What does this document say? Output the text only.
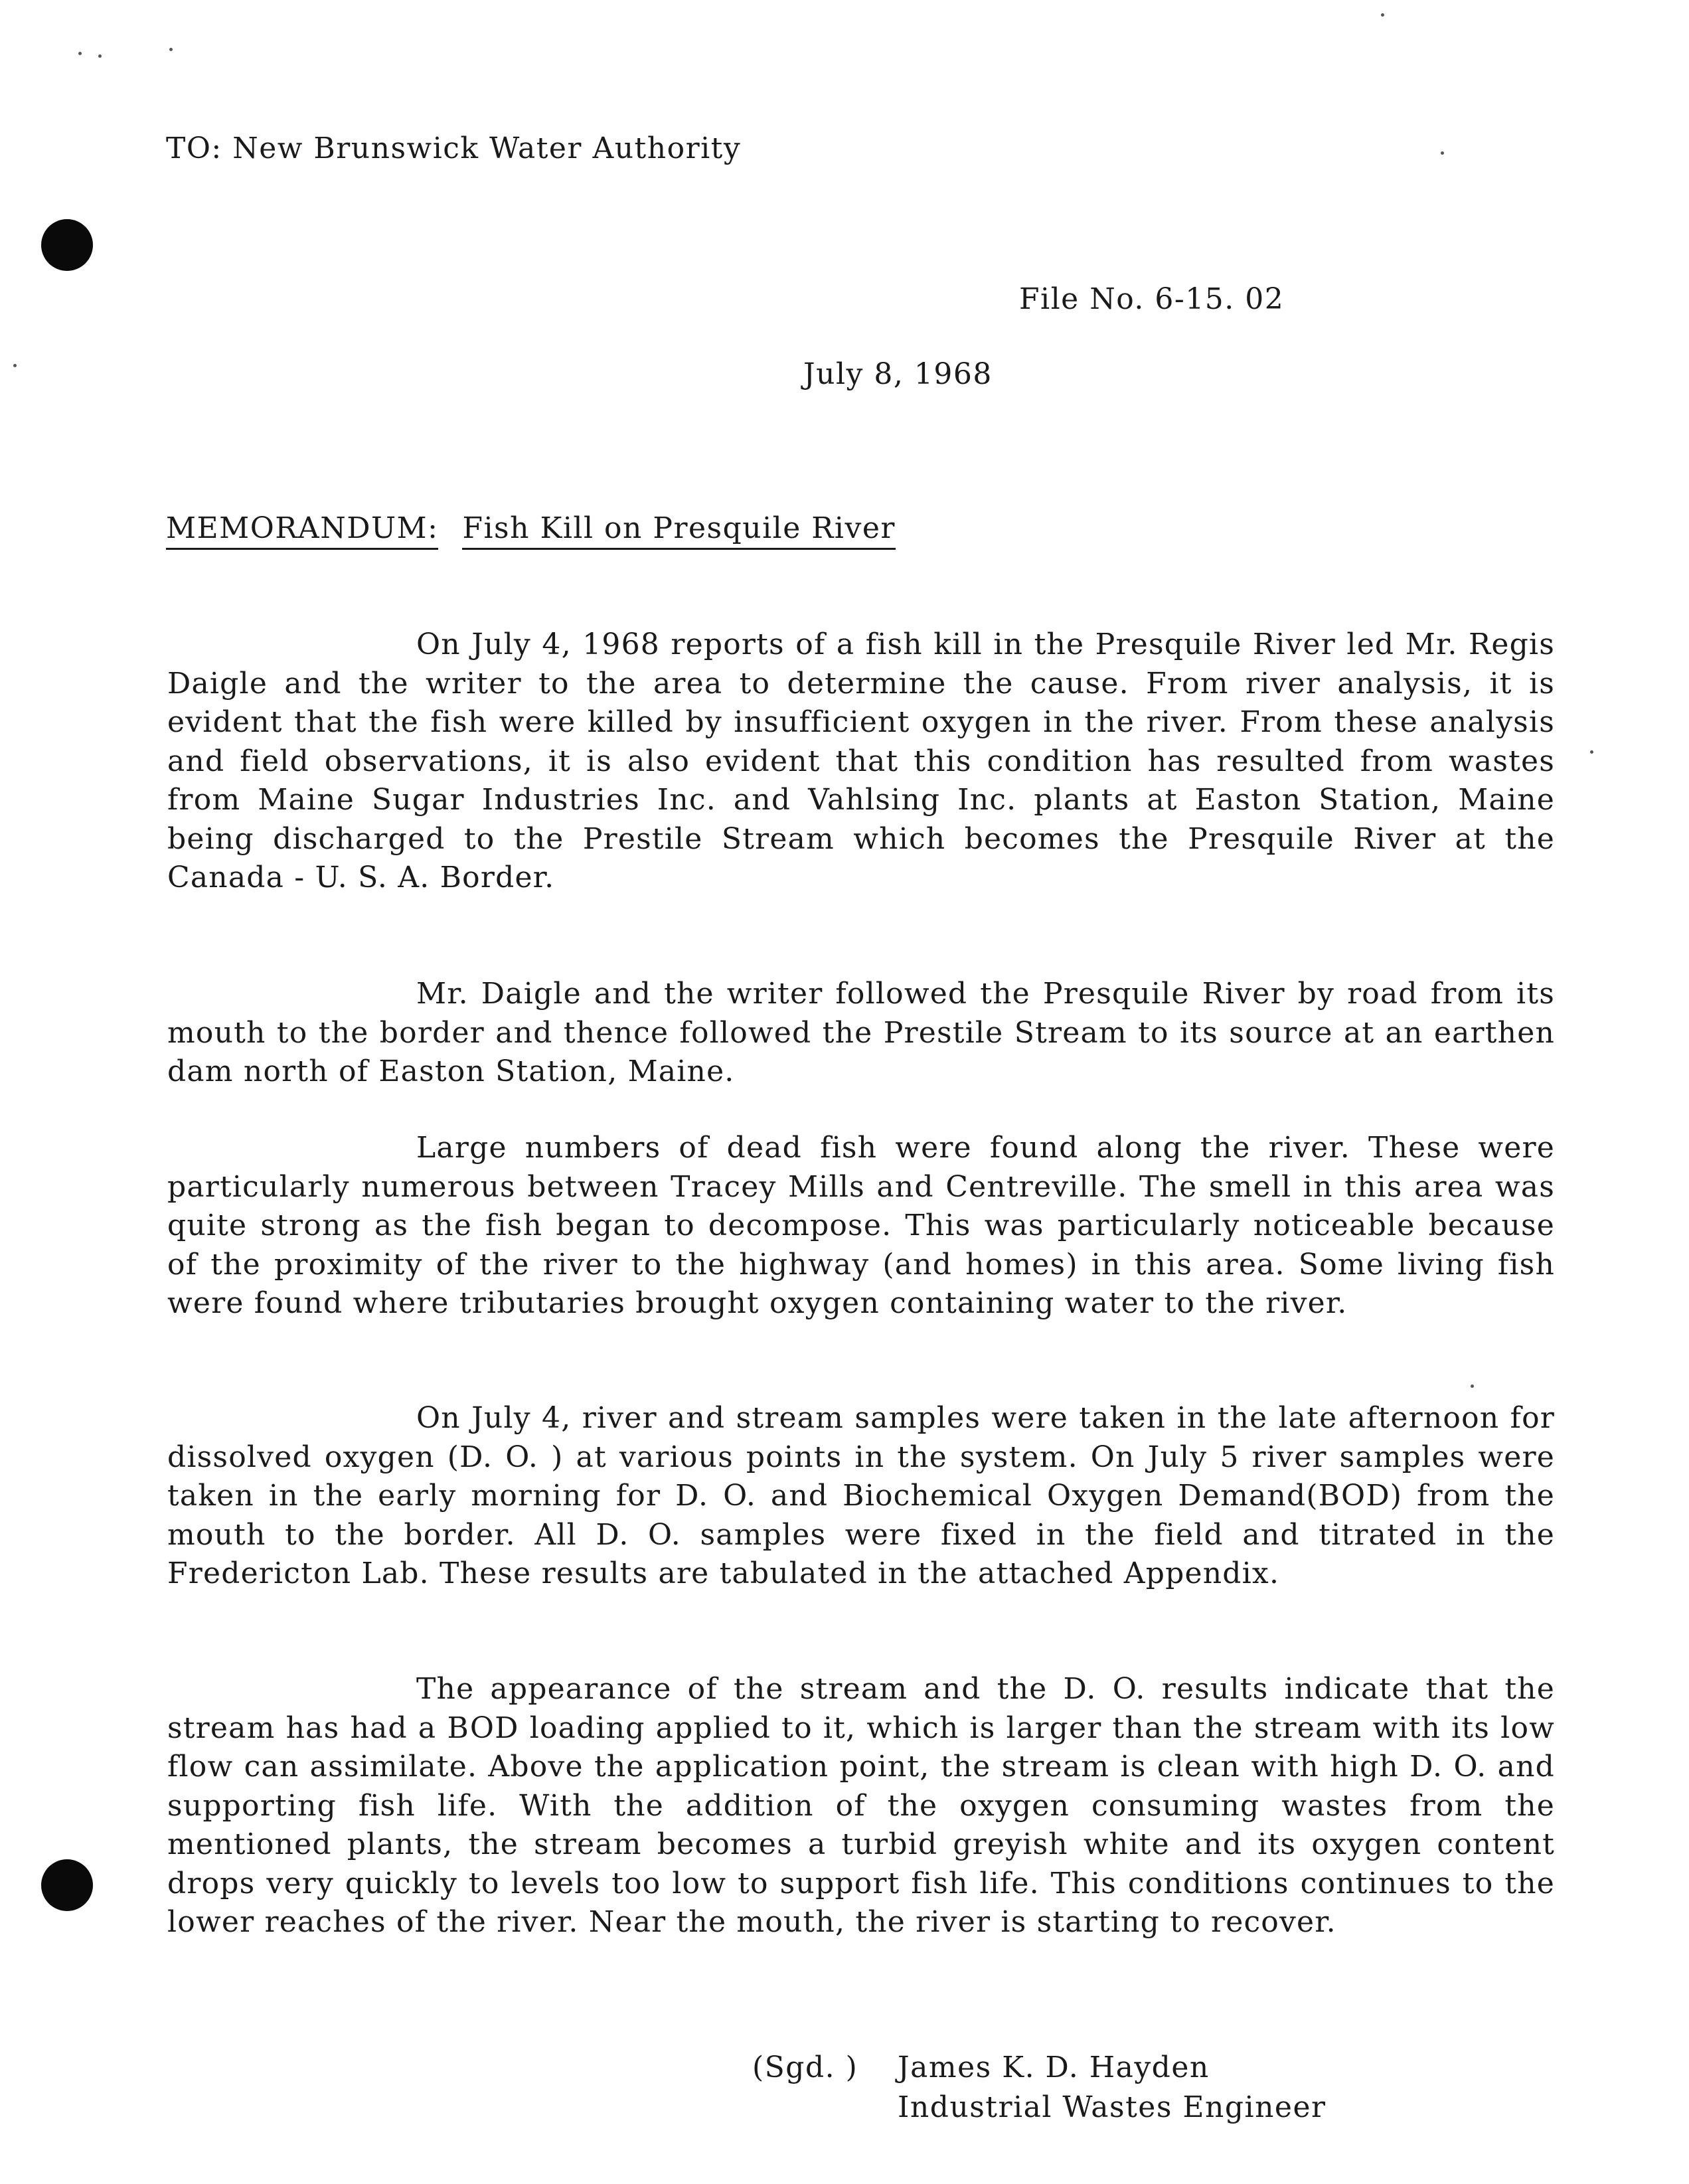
TO: New Brunswick Water Authority
File No. 6-15. 02
July 8, 1968
MEMORANDUM: Fish Kill on Presquile River

On July 4, 1968 reports of a fish kill in the Presquile River led Mr. Regis Daigle and the writer to the area to determine the cause. From river analysis, it is evident that the fish were killed by insufficient oxygen in the river. From these analysis and field observations, it is also evident that this condition has resulted from wastes from Maine Sugar Industries Inc. and Vahlsing Inc. plants at Easton Station, Maine being discharged to the Prestile Stream which becomes the Presquile River at the Canada - U. S. A. Border.

Mr. Daigle and the writer followed the Presquile River by road from its mouth to the border and thence followed the Prestile Stream to its source at an earthen dam north of Easton Station, Maine.

Large numbers of dead fish were found along the river. These were particularly numerous between Tracey Mills and Centreville. The smell in this area was quite strong as the fish began to decompose. This was particularly noticeable because of the proximity of the river to the highway (and homes) in this area. Some living fish were found where tributaries brought oxygen containing water to the river.

On July 4, river and stream samples were taken in the late afternoon for dissolved oxygen (D. O. ) at various points in the system. On July 5 river samples were taken in the early morning for D. O. and Biochemical Oxygen Demand(BOD) from the mouth to the border. All D. O. samples were fixed in the field and titrated in the Fredericton Lab. These results are tabulated in the attached Appendix.

The appearance of the stream and the D. O. results indicate that the stream has had a BOD loading applied to it, which is larger than the stream with its low flow can assimilate. Above the application point, the stream is clean with high D. O. and supporting fish life. With the addition of the oxygen consuming wastes from the mentioned plants, the stream becomes a turbid greyish white and its oxygen content drops very quickly to levels too low to support fish life. This conditions continues to the lower reaches of the river. Near the mouth, the river is starting to recover.

(Sgd. ) James K. D. Hayden
Industrial Wastes Engineer
